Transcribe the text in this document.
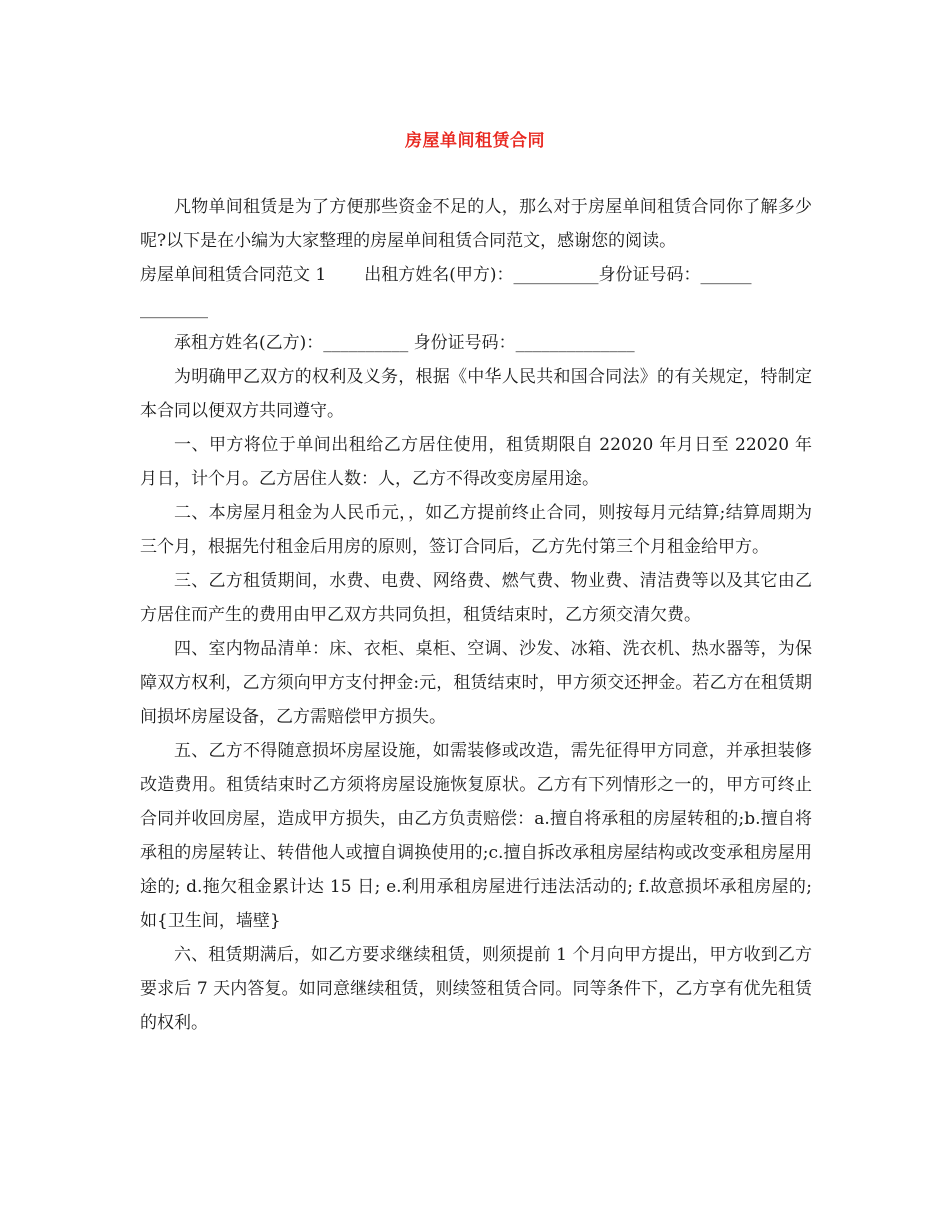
房屋单间租赁合同

凡物单间租赁是为了方便那些资金不足的人，那么对于房屋单间租赁合同你了解多少呢?以下是在小编为大家整理的房屋单间租赁合同范文，感谢您的阅读。

房屋单间租赁合同范文 1 出租方姓名(甲方)：__________身份证号码：______

________

承租方姓名(乙方)：__________ 身份证号码：______________

为明确甲乙双方的权利及义务，根据《中华人民共和国合同法》的有关规定，特制定本合同以便双方共同遵守。

一、甲方将位于单间出租给乙方居住使用，租赁期限自 22020 年月日至 22020 年月日，计个月。乙方居住人数：人，乙方不得改变房屋用途。

二、本房屋月租金为人民币元，，如乙方提前终止合同，则按每月元结算;结算周期为三个月，根据先付租金后用房的原则，签订合同后，乙方先付第三个月租金给甲方。

三、乙方租赁期间，水费、电费、网络费、燃气费、物业费、清洁费等以及其它由乙方居住而产生的费用由甲乙双方共同负担，租赁结束时，乙方须交清欠费。

四、室内物品清单：床、衣柜、桌柜、空调、沙发、冰箱、洗衣机、热水器等，为保障双方权利，乙方须向甲方支付押金:元，租赁结束时，甲方须交还押金。若乙方在租赁期间损坏房屋设备，乙方需赔偿甲方损失。

五、乙方不得随意损坏房屋设施，如需装修或改造，需先征得甲方同意，并承担装修改造费用。租赁结束时乙方须将房屋设施恢复原状。乙方有下列情形之一的，甲方可终止合同并收回房屋，造成甲方损失，由乙方负责赔偿：a.擅自将承租的房屋转租的;b.擅自将承租的房屋转让、转借他人或擅自调换使用的;c.擅自拆改承租房屋结构或改变承租房屋用途的; d.拖欠租金累计达 15 日; e.利用承租房屋进行违法活动的; f.故意损坏承租房屋的;如{卫生间，墙壁}

六、租赁期满后，如乙方要求继续租赁，则须提前 1 个月向甲方提出，甲方收到乙方要求后 7 天内答复。如同意继续租赁，则续签租赁合同。同等条件下，乙方享有优先租赁的权利。
